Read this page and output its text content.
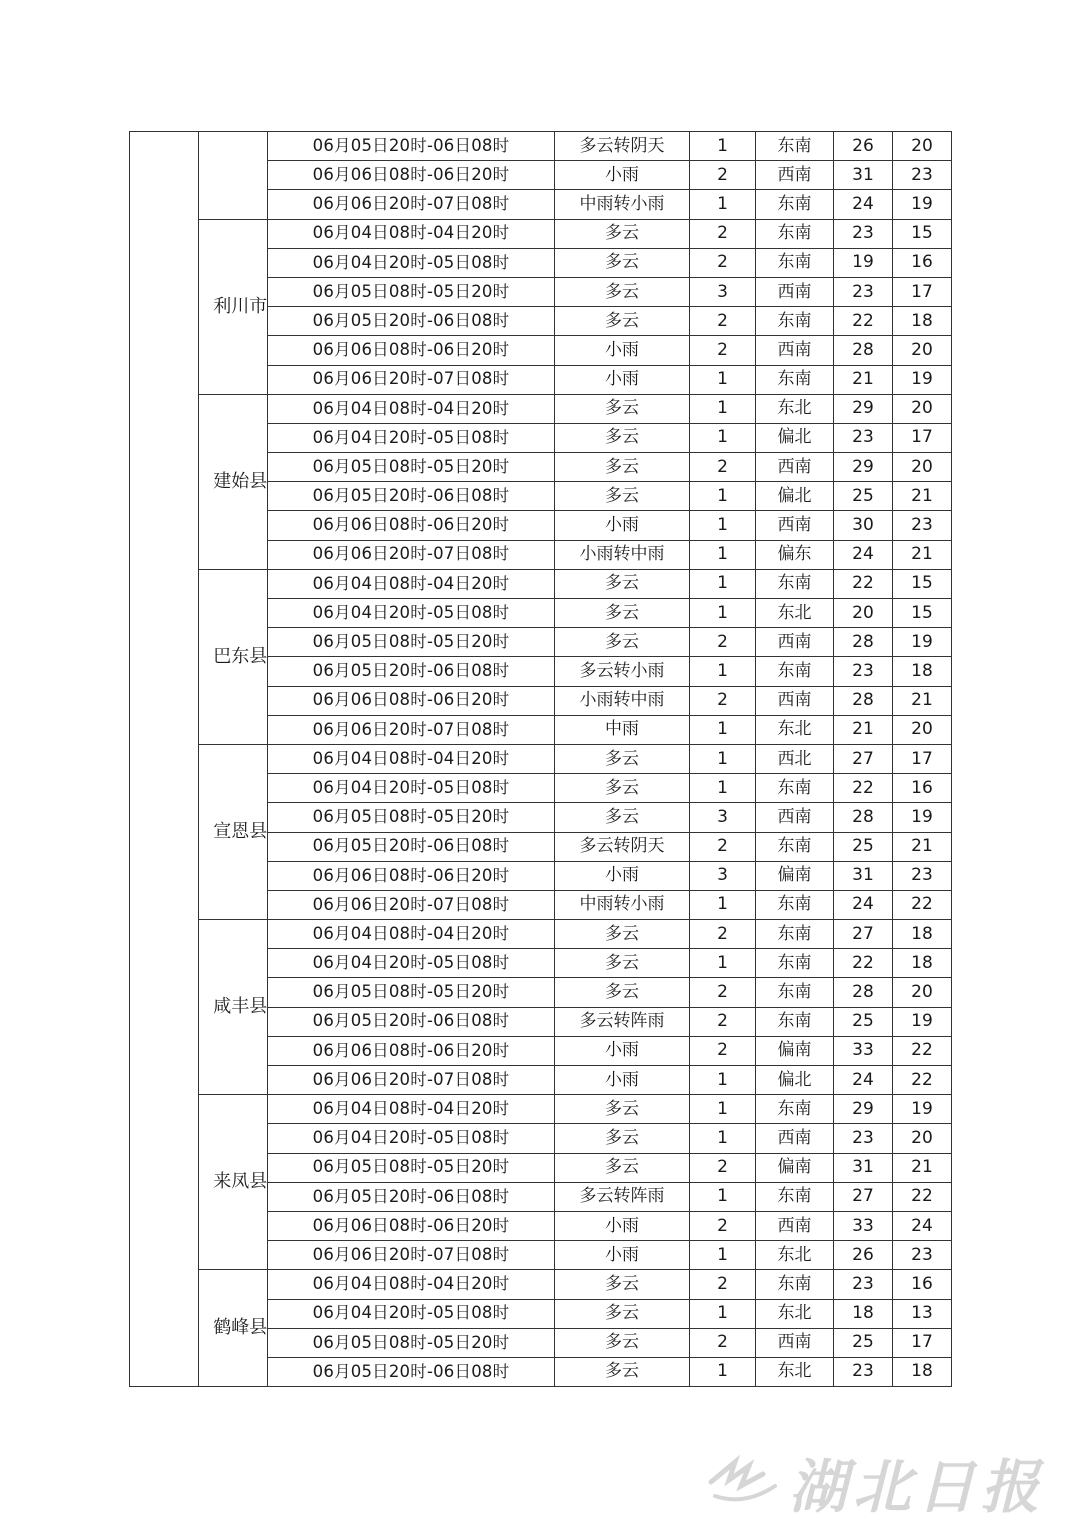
		06月05日20时-06日08时	多云转阴天	1	东南	26	20
		06月06日08时-06日20时	小雨	2	西南	31	23
		06月06日20时-07日08时	中雨转小雨	1	东南	24	19
	利川市	06月04日08时-04日20时	多云	2	东南	23	15
		06月04日20时-05日08时	多云	2	东南	19	16
		06月05日08时-05日20时	多云	3	西南	23	17
		06月05日20时-06日08时	多云	2	东南	22	18
		06月06日08时-06日20时	小雨	2	西南	28	20
		06月06日20时-07日08时	小雨	1	东南	21	19
	建始县	06月04日08时-04日20时	多云	1	东北	29	20
		06月04日20时-05日08时	多云	1	偏北	23	17
		06月05日08时-05日20时	多云	2	西南	29	20
		06月05日20时-06日08时	多云	1	偏北	25	21
		06月06日08时-06日20时	小雨	1	西南	30	23
		06月06日20时-07日08时	小雨转中雨	1	偏东	24	21
	巴东县	06月04日08时-04日20时	多云	1	东南	22	15
		06月04日20时-05日08时	多云	1	东北	20	15
		06月05日08时-05日20时	多云	2	西南	28	19
		06月05日20时-06日08时	多云转小雨	1	东南	23	18
		06月06日08时-06日20时	小雨转中雨	2	西南	28	21
		06月06日20时-07日08时	中雨	1	东北	21	20
	宣恩县	06月04日08时-04日20时	多云	1	西北	27	17
		06月04日20时-05日08时	多云	1	东南	22	16
		06月05日08时-05日20时	多云	3	西南	28	19
		06月05日20时-06日08时	多云转阴天	2	东南	25	21
		06月06日08时-06日20时	小雨	3	偏南	31	23
		06月06日20时-07日08时	中雨转小雨	1	东南	24	22
	咸丰县	06月04日08时-04日20时	多云	2	东南	27	18
		06月04日20时-05日08时	多云	1	东南	22	18
		06月05日08时-05日20时	多云	2	东南	28	20
		06月05日20时-06日08时	多云转阵雨	2	东南	25	19
		06月06日08时-06日20时	小雨	2	偏南	33	22
		06月06日20时-07日08时	小雨	1	偏北	24	22
	来凤县	06月04日08时-04日20时	多云	1	东南	29	19
		06月04日20时-05日08时	多云	1	西南	23	20
		06月05日08时-05日20时	多云	2	偏南	31	21
		06月05日20时-06日08时	多云转阵雨	1	东南	27	22
		06月06日08时-06日20时	小雨	2	西南	33	24
		06月06日20时-07日08时	小雨	1	东北	26	23
	鹤峰县	06月04日08时-04日20时	多云	2	东南	23	16
		06月04日20时-05日08时	多云	1	东北	18	13
		06月05日08时-05日20时	多云	2	西南	25	17
		06月05日20时-06日08时	多云	1	东北	23	18
湖北日报
